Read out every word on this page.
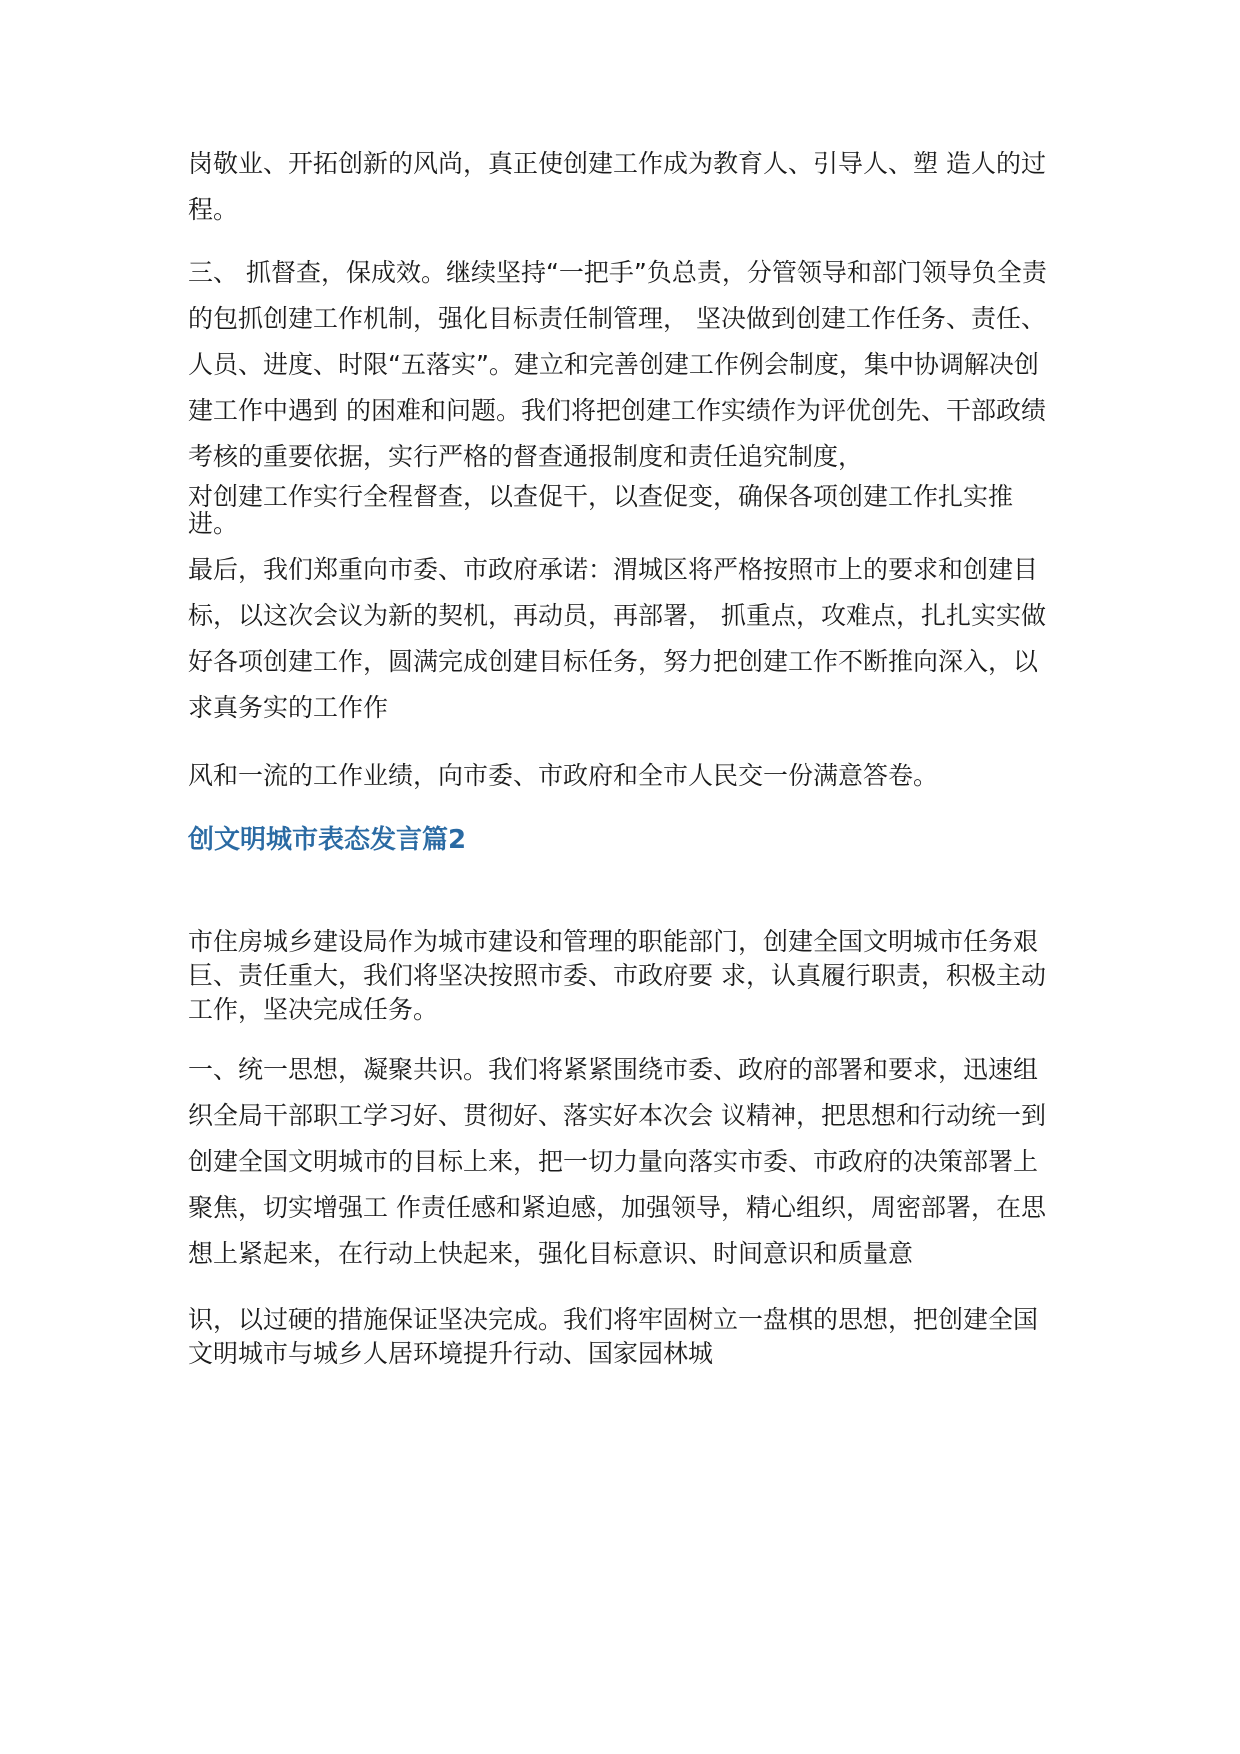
岗敬业、开拓创新的风尚，真正使创建工作成为教育人、引导人、塑 造人的过
程。

三、 抓督查，保成效。继续坚持“一把手”负总责，分管领导和部门领导负全责
的包抓创建工作机制，强化目标责任制管理， 坚决做到创建工作任务、责任、
人员、进度、时限“五落实”。建立和完善创建工作例会制度，集中协调解决创
建工作中遇到 的困难和问题。我们将把创建工作实绩作为评优创先、干部政绩
考核的重要依据，实行严格的督查通报制度和责任追究制度，

对创建工作实行全程督查，以查促干，以查促变，确保各项创建工作扎实推
进。

最后，我们郑重向市委、市政府承诺：渭城区将严格按照市上的要求和创建目
标，以这次会议为新的契机，再动员，再部署， 抓重点，攻难点，扎扎实实做
好各项创建工作，圆满完成创建目标任务，努力把创建工作不断推向深入，以
求真务实的工作作

风和一流的工作业绩，向市委、市政府和全市人民交一份满意答卷。

创文明城市表态发言篇2

市住房城乡建设局作为城市建设和管理的职能部门，创建全国文明城市任务艰
巨、责任重大，我们将坚决按照市委、市政府要 求，认真履行职责，积极主动
工作，坚决完成任务。

一、统一思想，凝聚共识。我们将紧紧围绕市委、政府的部署和要求，迅速组
织全局干部职工学习好、贯彻好、落实好本次会 议精神，把思想和行动统一到
创建全国文明城市的目标上来，把一切力量向落实市委、市政府的决策部署上
聚焦，切实增强工 作责任感和紧迫感，加强领导，精心组织，周密部署，在思
想上紧起来，在行动上快起来，强化目标意识、时间意识和质量意

识，以过硬的措施保证坚决完成。我们将牢固树立一盘棋的思想，把创建全国
文明城市与城乡人居环境提升行动、国家园林城
